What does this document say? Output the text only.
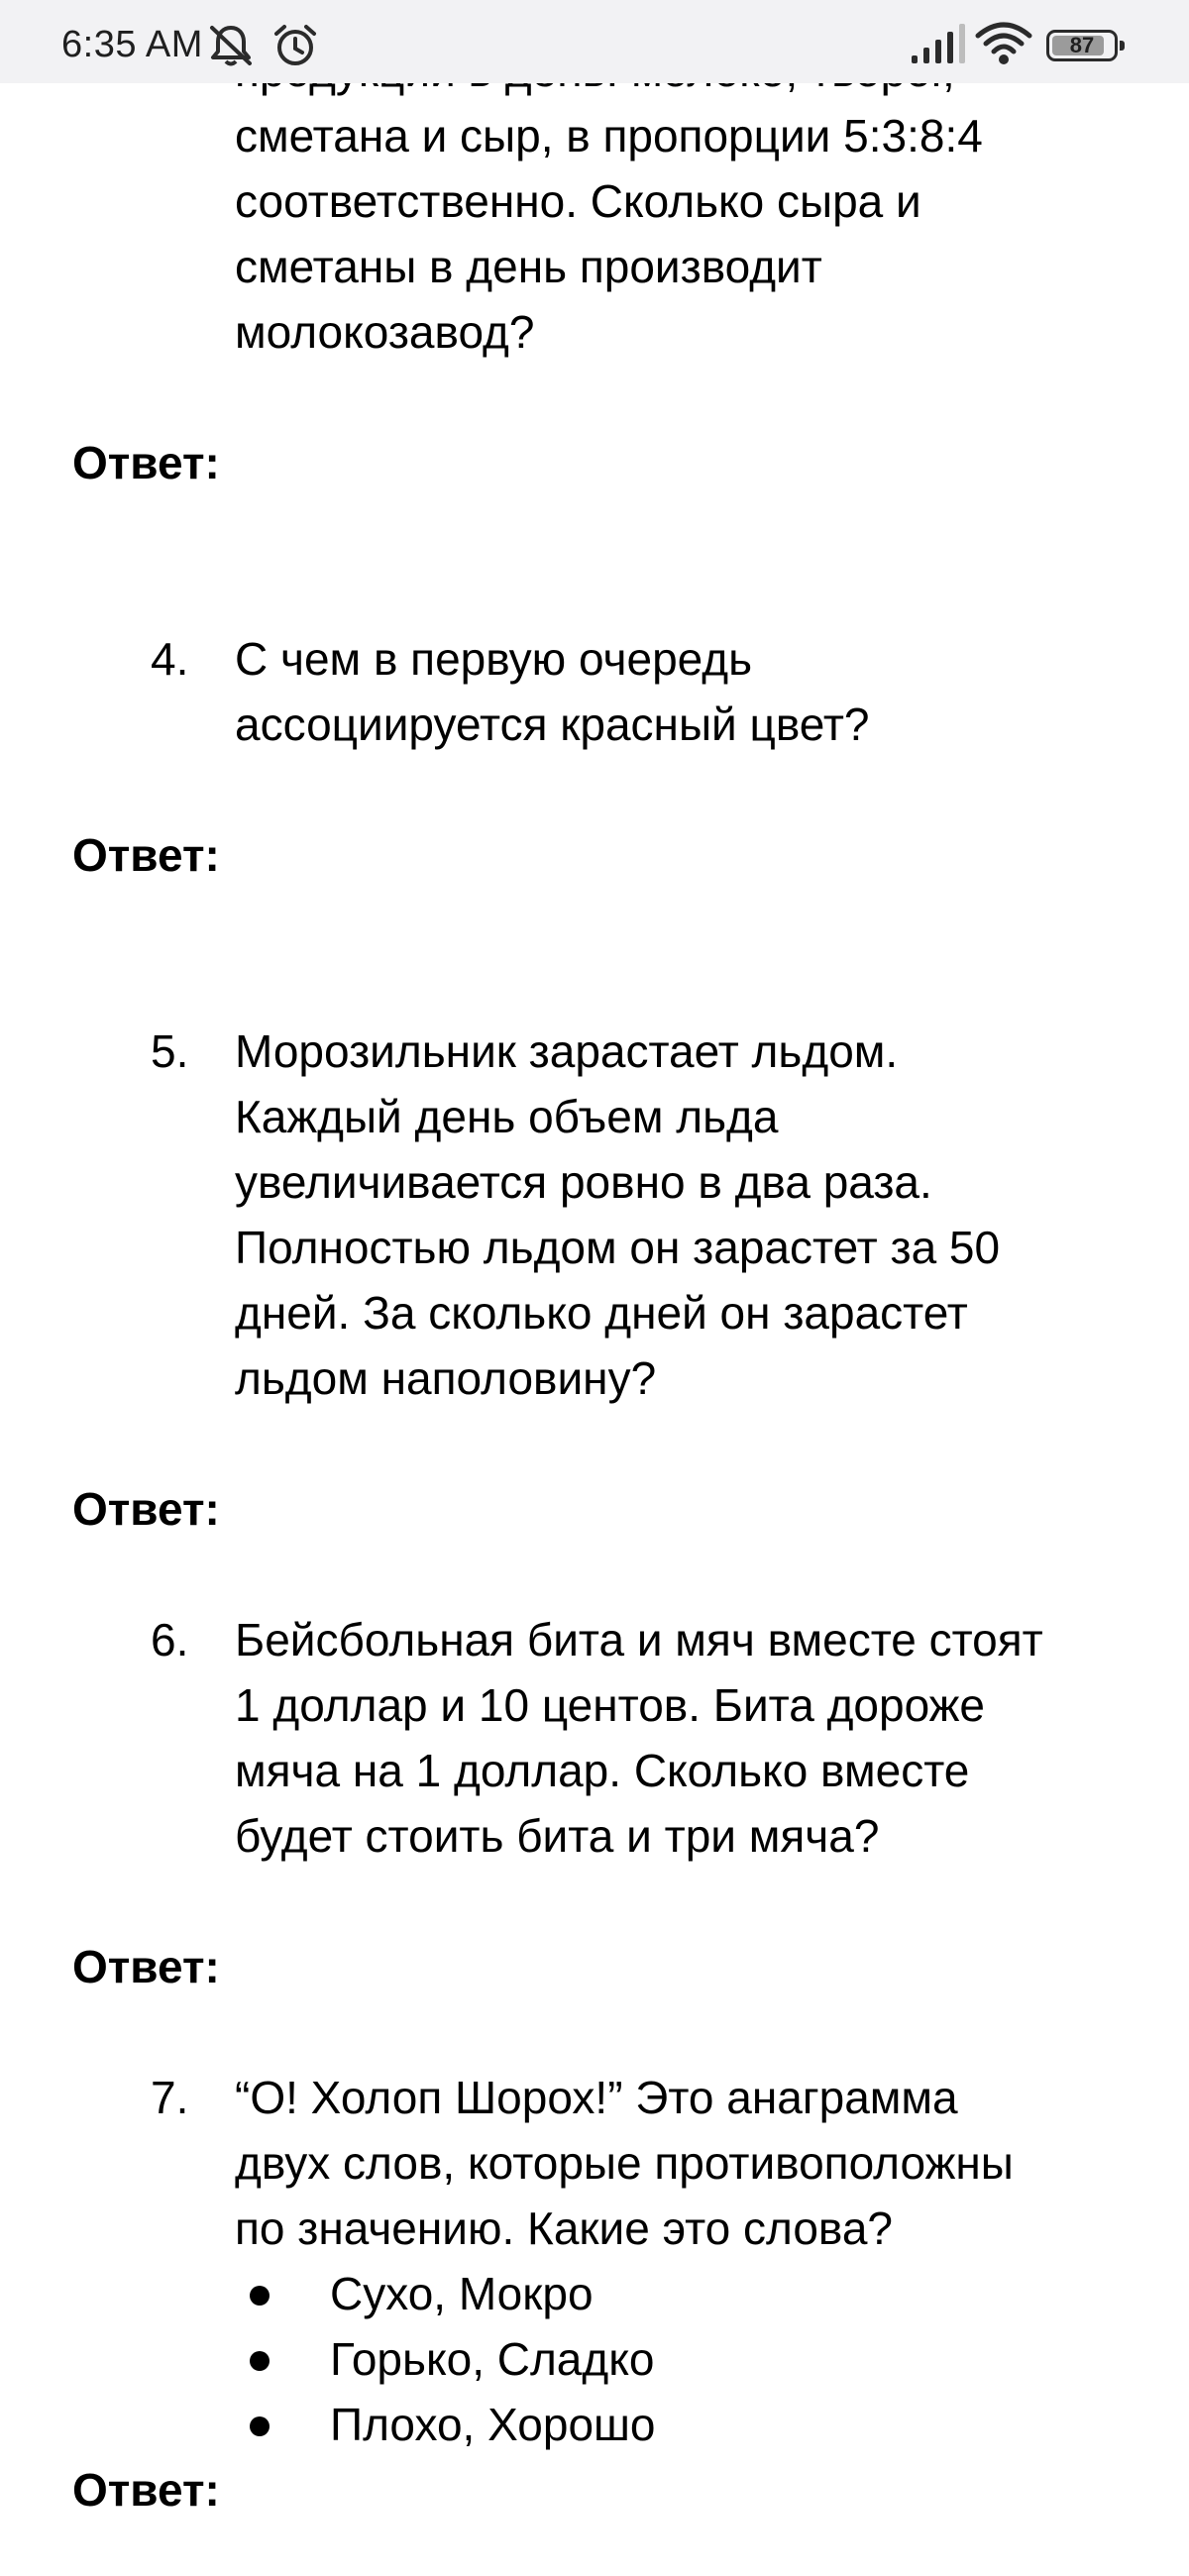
сметана и сыр, в пропорции 5:3:8:4
соответственно. Сколько сыра и
сметаны в день производит
молокозавод?
Ответ:
4. С чем в первую очередь
ассоциируется красный цвет?
Ответ:
5. Морозильник зарастает льдом.
Каждый день объем льда
увеличивается ровно в два раза.
Полностью льдом он зарастет за 50
дней. За сколько дней он зарастет
льдом наполовину?
Ответ:
6. Бейсбольная бита и мяч вместе стоят
1 доллар и 10 центов. Бита дороже
мяча на 1 доллар. Сколько вместе
будет стоить бита и три мяча?
Ответ:
7. “О! Холоп Шорох!” Это анаграмма
двух слов, которые противоположны
по значению. Какие это слова?
Сухо, Мокро
Горько, Сладко
Плохо, Хорошо
Ответ:
6:35 AM	87
